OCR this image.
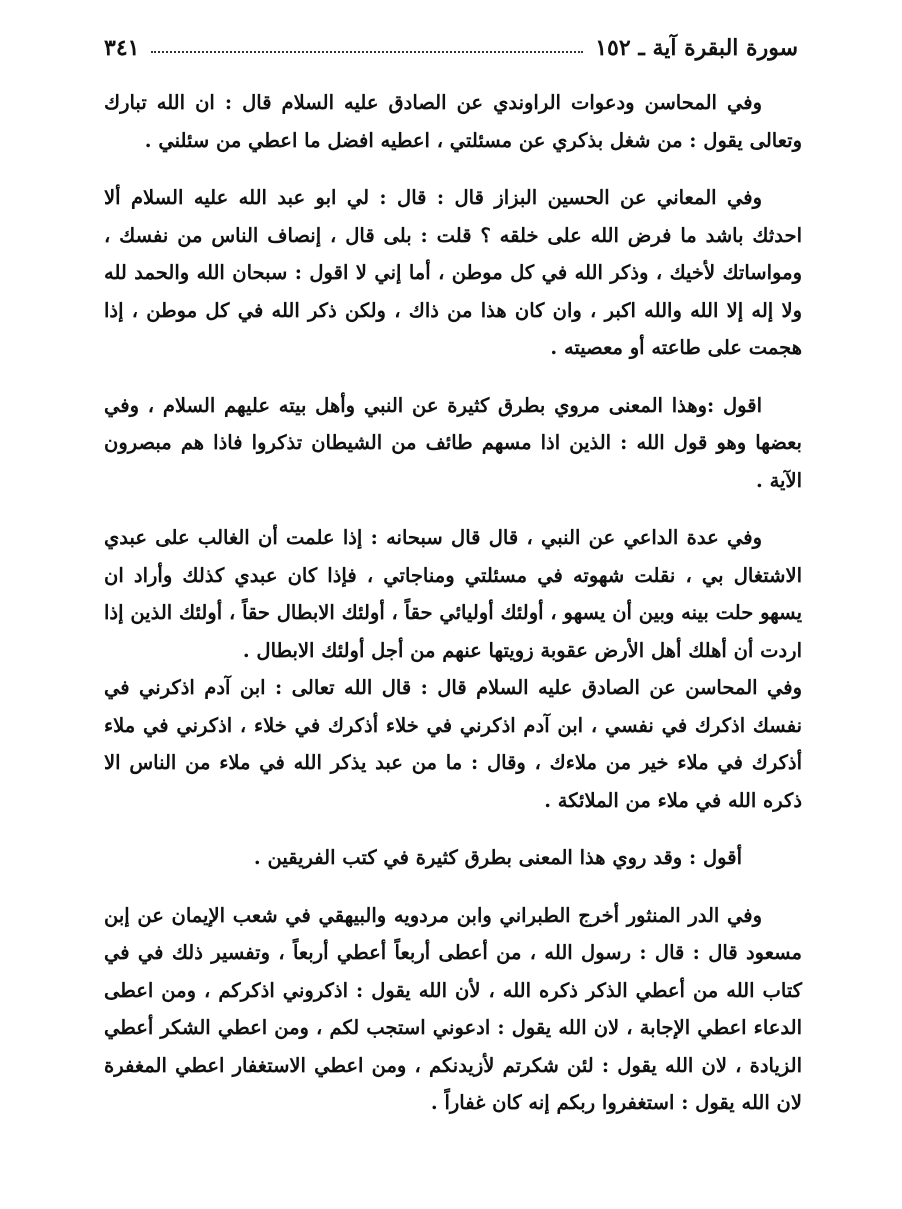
سورة البقرة آية ـ ١٥٢
٣٤١

وفي المحاسن ودعوات الراوندي عن الصادق عليه السلام قال : ان الله تبارك وتعالى يقول : من شغل بذكري عن مسئلتي ، اعطيه افضل ما اعطي من سئلني .

وفي المعاني عن الحسين البزاز قال : قال : لي ابو عبد الله عليه السلام ألا احدثك باشد ما فرض الله على خلقه ؟ قلت : بلى قال ، إنصاف الناس من نفسك ، ومواساتك لأخيك ، وذكر الله في كل موطن ، أما إني لا اقول : سبحان الله والحمد لله ولا إله إلا الله والله اكبر ، وان كان هذا من ذاك ، ولكن ذكر الله في كل موطن ، إذا هجمت على طاعته أو معصيته .

اقول :وهذا المعنى مروي بطرق كثيرة عن النبي وأهل بيته عليهم السلام ، وفي بعضها وهو قول الله : الذين اذا مسهم طائف من الشيطان تذكروا فاذا هم مبصرون الآية .

وفي عدة الداعي عن النبي ، قال قال سبحانه : إذا علمت أن الغالب على عبدي الاشتغال بي ، نقلت شهوته في مسئلتي ومناجاتي ، فإذا كان عبدي كذلك وأراد ان يسهو حلت بينه وبين أن يسهو ، أولئك أوليائي حقاً ، أولئك الابطال حقاً ، أولئك الذين إذا اردت أن أهلك أهل الأرض عقوبة زويتها عنهم من أجل أولئك الابطال .

وفي المحاسن عن الصادق عليه السلام قال : قال الله تعالى : ابن آدم اذكرني في نفسك اذكرك في نفسي ، ابن آدم اذكرني في خلاء أذكرك في خلاء ، اذكرني في ملاء أذكرك في ملاء خير من ملاءك ، وقال : ما من عبد يذكر الله في ملاء من الناس الا ذكره الله في ملاء من الملائكة .

أقول : وقد روي هذا المعنى بطرق كثيرة في كتب الفريقين .

وفي الدر المنثور أخرج الطبراني وابن مردويه والبيهقي في شعب الإيمان عن إبن مسعود قال : قال : رسول الله ، من أعطى أربعاً أعطي أربعاً ، وتفسير ذلك في في كتاب الله من أعطي الذكر ذكره الله ، لأن الله يقول : اذكروني اذكركم ، ومن اعطى الدعاء اعطي الإجابة ، لان الله يقول : ادعوني استجب لكم ، ومن اعطي الشكر أعطي الزيادة ، لان الله يقول : لئن شكرتم لأزيدنكم ، ومن اعطي الاستغفار اعطي المغفرة لان الله يقول : استغفروا ربكم إنه كان غفاراً .
